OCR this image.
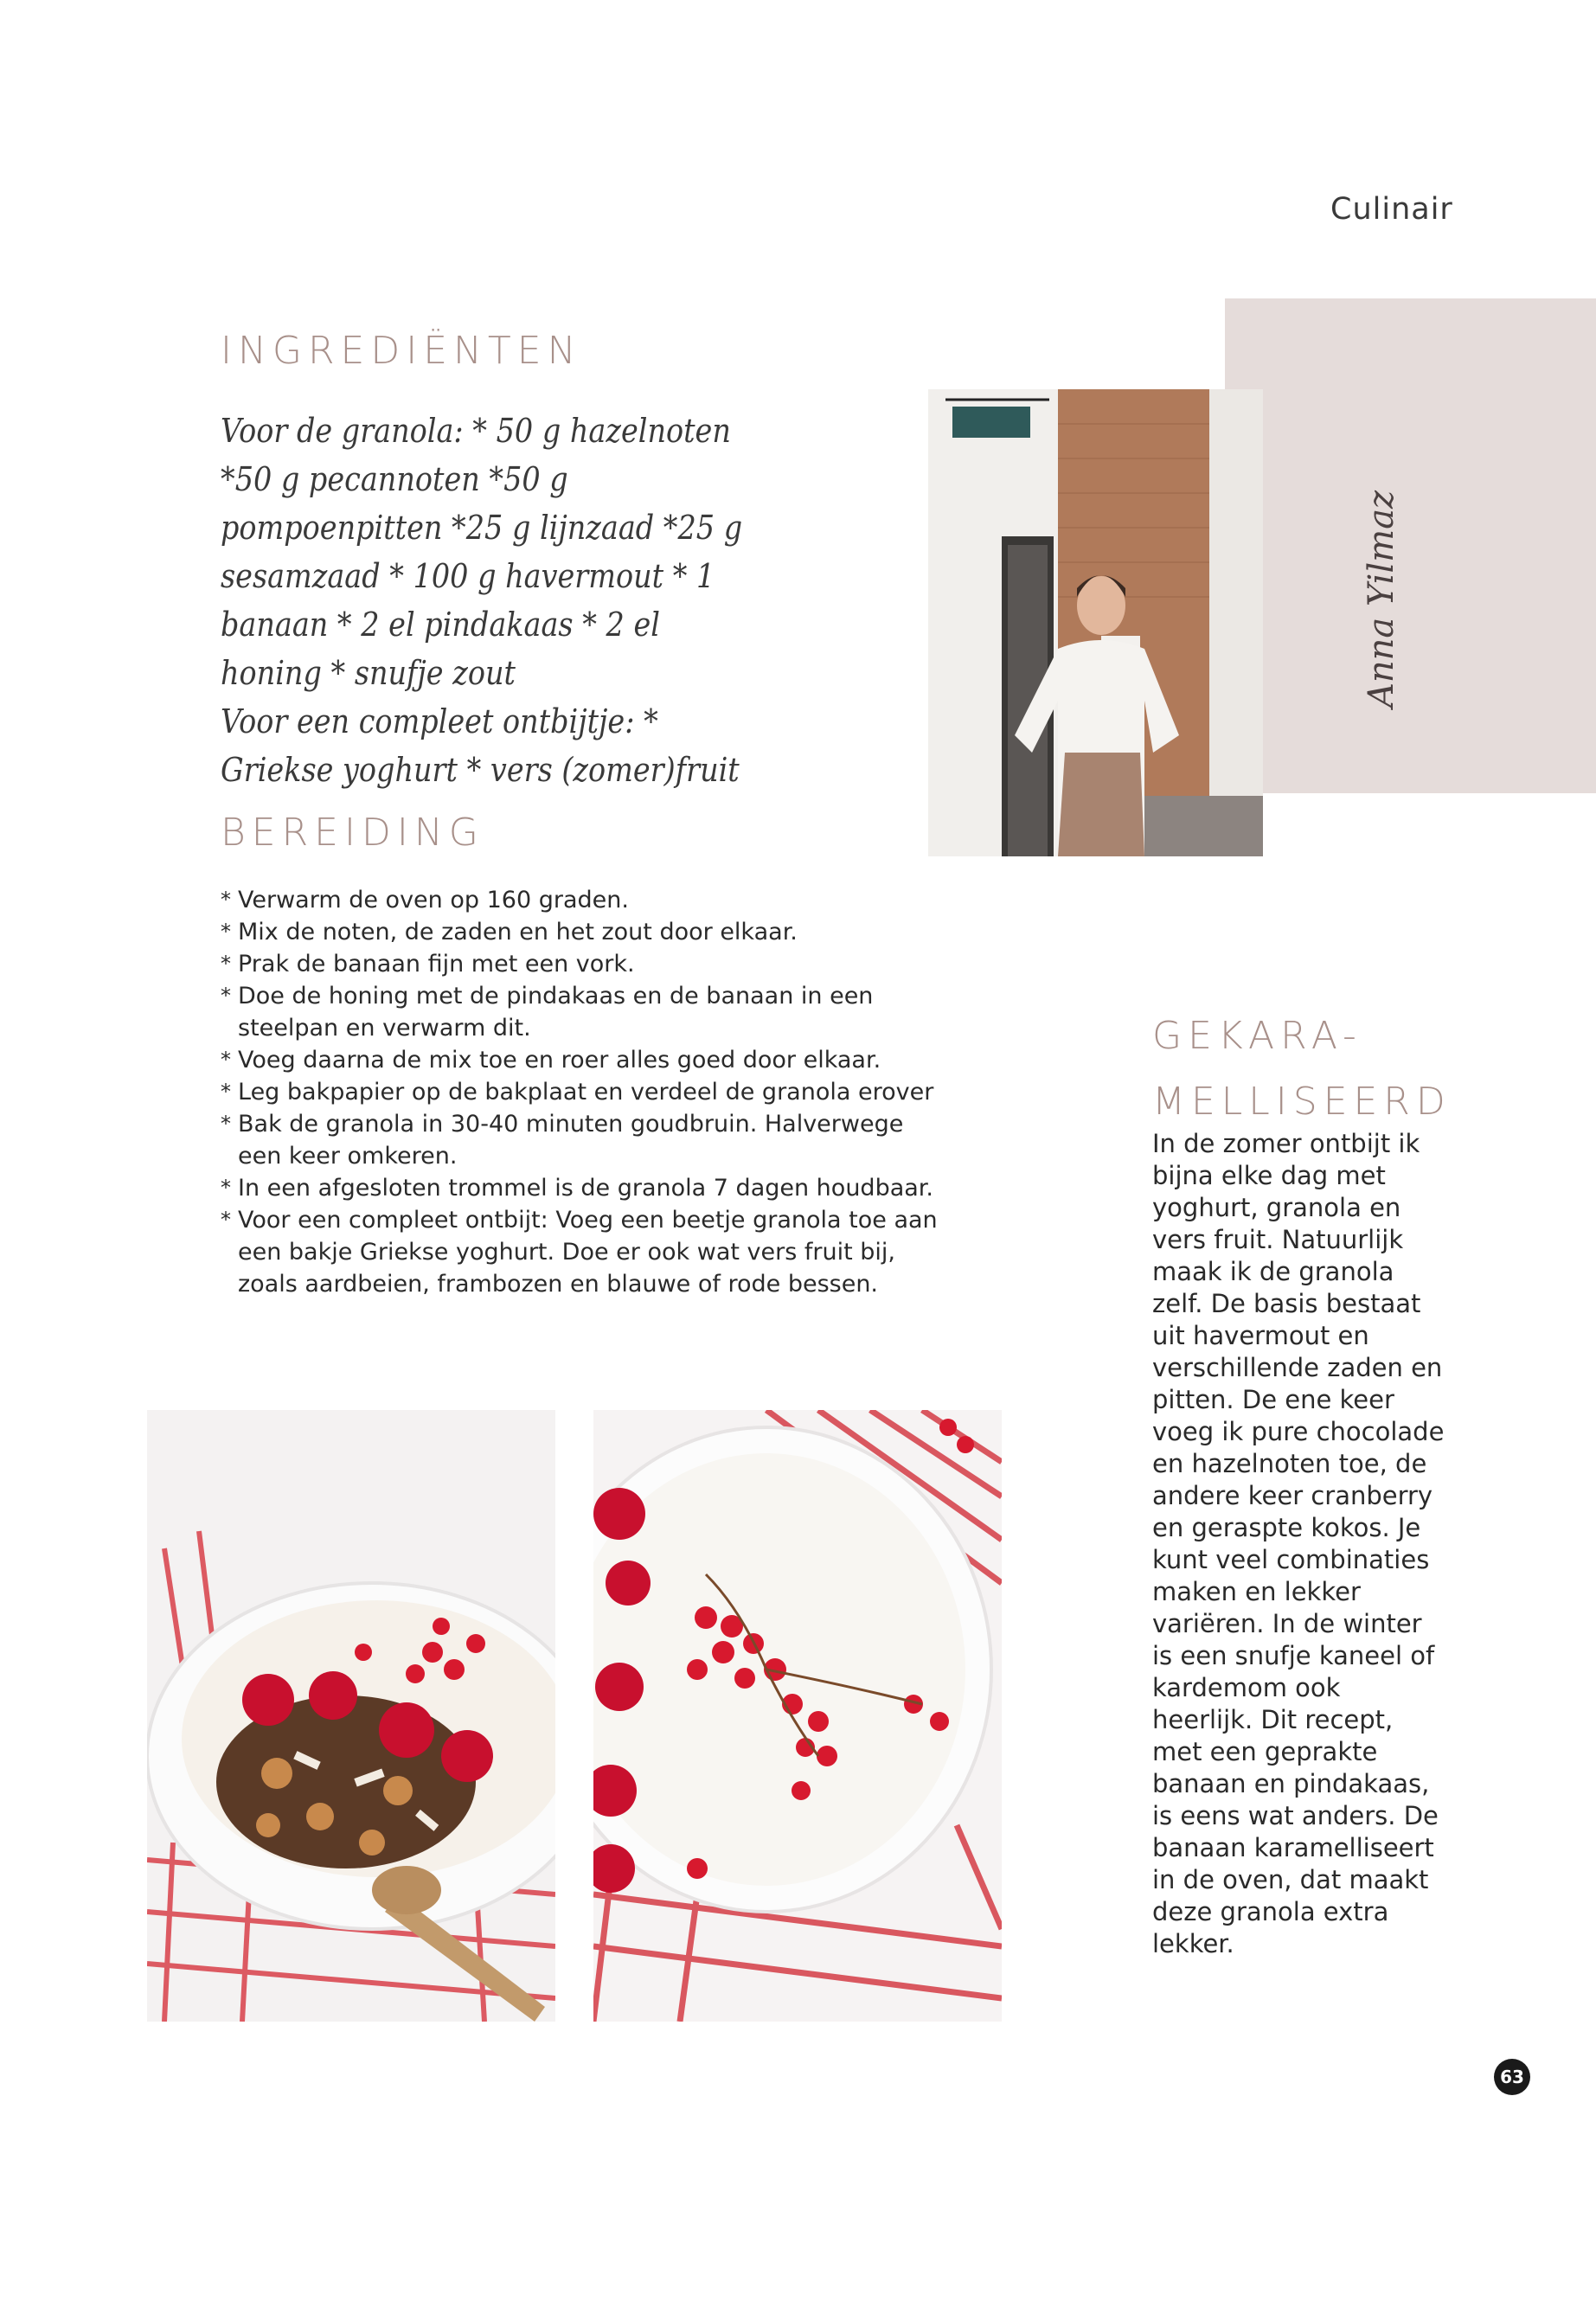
Culinair
Anna Yilmaz
INGREDIËNTEN

Voor de granola: * 50 g hazelnoten *50 g pecannoten *50 g pompoenpitten *25 g lijnzaad *25 g sesamzaad * 100 g havermout * 1 banaan * 2 el pindakaas * 2 el honing * snufje zout

Voor een compleet ontbijtje: * Griekse yoghurt * vers (zomer)fruit

BEREIDING
* Verwarm de oven op 160 graden.
* Mix de noten, de zaden en het zout door elkaar.
* Prak de banaan fijn met een vork.
* Doe de honing met de pindakaas en de banaan in een steelpan en verwarm dit.
* Voeg daarna de mix toe en roer alles goed door elkaar.
* Leg bakpapier op de bakplaat en verdeel de granola erover
* Bak de granola in 30-40 minuten goudbruin. Halverwege een keer omkeren.
* In een afgesloten trommel is de granola 7 dagen houdbaar.
* Voor een compleet ontbijt: Voeg een beetje granola toe aan een bakje Griekse yoghurt. Doe er ook wat vers fruit bij, zoals aardbeien, frambozen en blauwe of rode bessen.
GEKARA-
MELLISEERD

In de zomer ontbijt ik bijna elke dag met yoghurt, granola en vers fruit. Natuurlijk maak ik de granola zelf. De basis bestaat uit havermout en verschillende zaden en pitten. De ene keer voeg ik pure chocolade en hazelnoten toe, de andere keer cranberry en geraspte kokos. Je kunt veel combinaties maken en lekker variëren. In de winter is een snufje kaneel of kardemom ook heerlijk. Dit recept, met een geprakte banaan en pindakaas, is eens wat anders. De banaan karamelliseert in de oven, dat maakt deze granola extra lekker.

63
